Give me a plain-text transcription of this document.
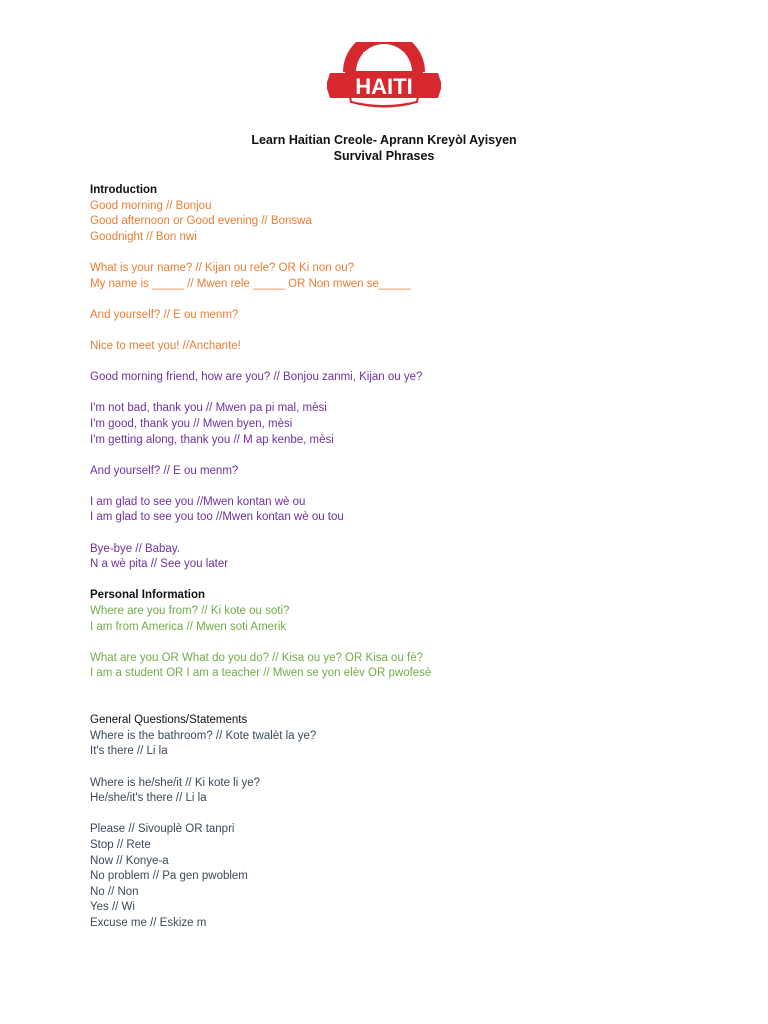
PROJECTS
FOR
HAITI
Learn Haitian Creole- Aprann Kreyòl Ayisyen
Survival Phrases
Introduction
Good morning // Bonjou
Good afternoon or Good evening // Bonswa
Goodnight // Bon nwi
What is your name? // Kijan ou rele? OR Ki non ou?
My name is _____ // Mwen rele _____ OR Non mwen se_____
And yourself? // E ou menm?
Nice to meet you! //Anchante!
Good morning friend, how are you? // Bonjou zanmi, Kijan ou ye?
I'm not bad, thank you // Mwen pa pi mal, mèsi
I'm good, thank you // Mwen byen, mèsi
I'm getting along, thank you // M ap kenbe, mèsi
And yourself? // E ou menm?
I am glad to see you //Mwen kontan wè ou
I am glad to see you too //Mwen kontan wè ou tou
Bye-bye // Babay.
N a wè pita // See you later
Personal Information
Where are you from? // Ki kote ou soti?
I am from America // Mwen soti Amerik
What are you OR What do you do? // Kisa ou ye? OR Kisa ou fè?
I am a student OR I am a teacher // Mwen se yon elèv OR pwofesè
General Questions/Statements
Where is the bathroom? // Kote twalèt la ye?
It's there // Li la
Where is he/she/it // Ki kote li ye?
He/she/it's there // Li la
Please // Sivouplè OR tanpri
Stop // Rete
Now // Konye-a
No problem // Pa gen pwoblem
No // Non
Yes // Wi
Excuse me // Eskize m
